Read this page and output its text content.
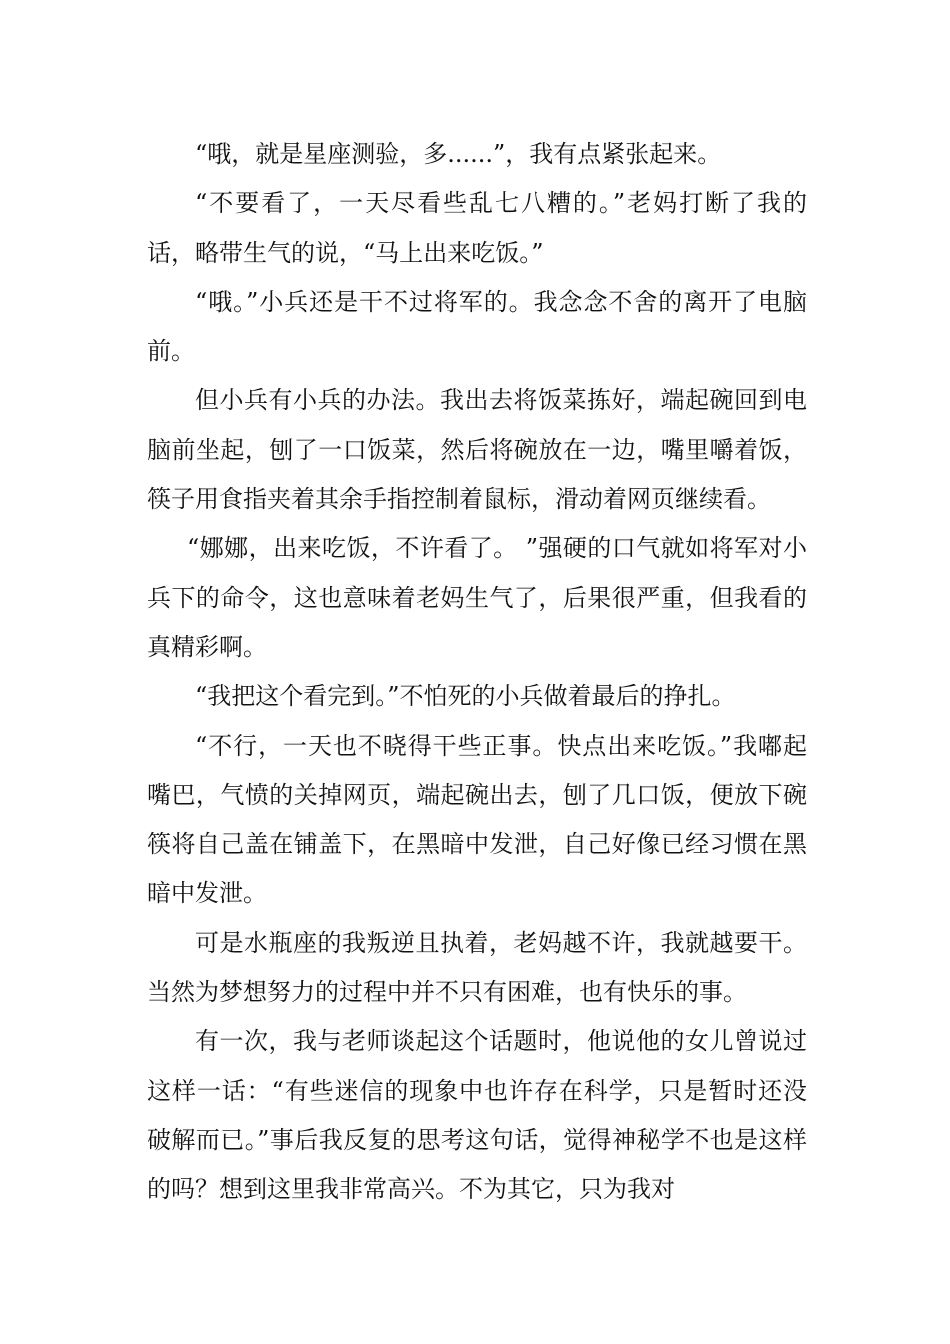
“哦，就是星座测验，多......”，我有点紧张起来。

“不要看了，一天尽看些乱七八糟的。”老妈打断了我的话，略带生气的说，“马上出来吃饭。”

“哦。”小兵还是干不过将军的。我念念不舍的离开了电脑前。

但小兵有小兵的办法。我出去将饭菜拣好，端起碗回到电脑前坐起，刨了一口饭菜，然后将碗放在一边，嘴里嚼着饭，筷子用食指夹着其余手指控制着鼠标，滑动着网页继续看。

“娜娜，出来吃饭，不许看了。 ”强硬的口气就如将军对小兵下的命令，这也意味着老妈生气了，后果很严重，但我看的真精彩啊。

“我把这个看完到。”不怕死的小兵做着最后的挣扎。

“不行，一天也不晓得干些正事。快点出来吃饭。”我嘟起嘴巴，气愤的关掉网页，端起碗出去，刨了几口饭，便放下碗筷将自己盖在铺盖下，在黑暗中发泄，自己好像已经习惯在黑暗中发泄。

可是水瓶座的我叛逆且执着，老妈越不许，我就越要干。当然为梦想努力的过程中并不只有困难，也有快乐的事。

有一次，我与老师谈起这个话题时，他说他的女儿曾说过这样一话：“有些迷信的现象中也许存在科学，只是暂时还没破解而已。”事后我反复的思考这句话，觉得神秘学不也是这样的吗？想到这里我非常高兴。不为其它，只为我对
